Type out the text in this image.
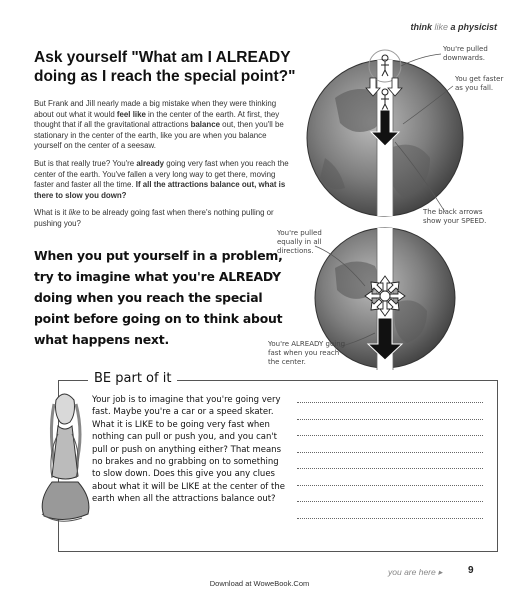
think like a physicist
Ask yourself "What am I ALREADY doing as I reach the special point?"
But Frank and Jill nearly made a big mistake when they were thinking about out what it would feel like in the center of the earth. At first, they thought that if all the gravitational attractions balance out, then you'll be stationary in the center of the earth, like you are when you balance yourself on the center of a seesaw.
But is that really true? You're already going very fast when you reach the center of the earth. You've fallen a very long way to get there, moving faster and faster all the time. If all the attractions balance out, what is there to slow you down?
What is it like to be already going fast when there's nothing pulling or pushing you?
When you put yourself in a problem, try to imagine what you're ALREADY doing when you reach the special point before going on to think about what happens next.
You're pulled downwards.
You get faster as you fall.
The black arrows show your SPEED.
You're pulled equally in all directions.
You're ALREADY going fast when you reach the center.
BE part of it
Your job is to imagine that you're going very fast. Maybe you're a car or a speed skater. What it is LIKE to be going very fast when nothing can pull or push you, and you can't pull or push on anything either? That means no brakes and no grabbing on to something to slow down. Does this give you any clues about what it will be LIKE at the center of the earth when all the attractions balance out?
you are here ▸	9
Download at WoweBook.Com
